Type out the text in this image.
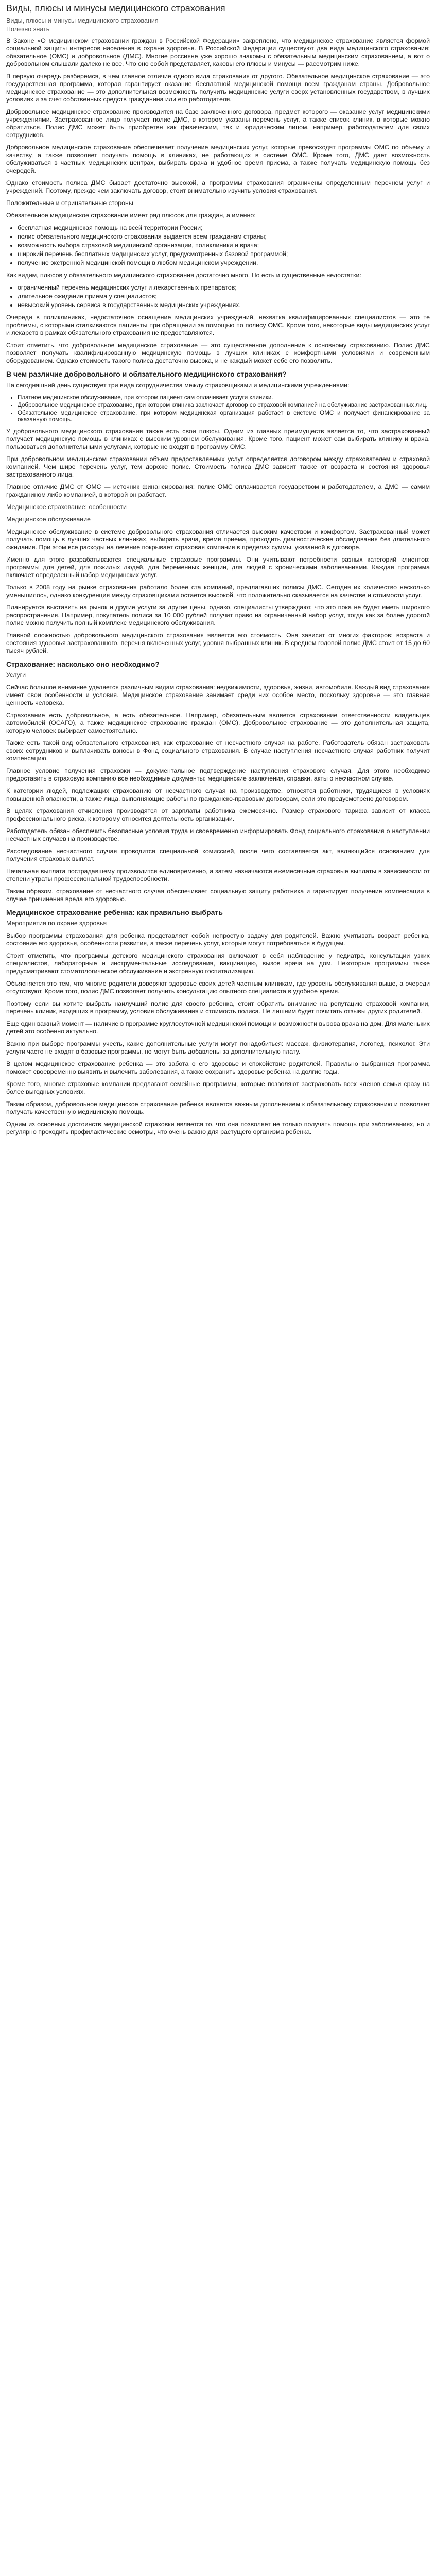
Виды, плюсы и минусы медицинского страхования
Виды, плюсы и минусы медицинского страхования
Полезно знать

В Законе «О медицинском страховании граждан в Российской Федерации» закреплено, что медицинское страхование является формой социальной защиты интересов населения в охране здоровья. В Российской Федерации существуют два вида медицинского страхования: обязательное (ОМС) и добровольное (ДМС). Многие россияне уже хорошо знакомы с обязательным медицинским страхованием, а вот о добровольном слышали далеко не все. Что оно собой представляет, каковы его плюсы и минусы — рассмотрим ниже.

В первую очередь разберемся, в чем главное отличие одного вида страхования от другого. Обязательное медицинское страхование — это государственная программа, которая гарантирует оказание бесплатной медицинской помощи всем гражданам страны. Добровольное медицинское страхование — это дополнительная возможность получить медицинские услуги сверх установленных государством, в лучших условиях и за счет собственных средств гражданина или его работодателя.

Добровольное медицинское страхование производится на базе заключенного договора, предмет которого — оказание услуг медицинскими учреждениями. Застрахованное лицо получает полис ДМС, в котором указаны перечень услуг, а также список клиник, в которые можно обратиться. Полис ДМС может быть приобретен как физическим, так и юридическим лицом, например, работодателем для своих сотрудников.

Добровольное медицинское страхование обеспечивает получение медицинских услуг, которые превосходят программы ОМС по объему и качеству, а также позволяет получать помощь в клиниках, не работающих в системе ОМС. Кроме того, ДМС дает возможность обслуживаться в частных медицинских центрах, выбирать врача и удобное время приема, а также получать медицинскую помощь без очередей.

Однако стоимость полиса ДМС бывает достаточно высокой, а программы страхования ограничены определенным перечнем услуг и учреждений. Поэтому, прежде чем заключать договор, стоит внимательно изучить условия страхования.

Положительные и отрицательные стороны

Обязательное медицинское страхование имеет ряд плюсов для граждан, а именно:

• бесплатная медицинская помощь на всей территории России;
• полис обязательного медицинского страхования выдается всем гражданам страны;
• возможность выбора страховой медицинской организации, поликлиники и врача;
• широкий перечень бесплатных медицинских услуг, предусмотренных базовой программой;
• получение экстренной медицинской помощи в любом медицинском учреждении.

Как видим, плюсов у обязательного медицинского страхования достаточно много. Но есть и существенные недостатки:

• ограниченный перечень медицинских услуг и лекарственных препаратов;
• длительное ожидание приема у специалистов;
• невысокий уровень сервиса в государственных медицинских учреждениях.

Очереди в поликлиниках, недостаточное оснащение медицинских учреждений, нехватка квалифицированных специалистов — это те проблемы, с которыми сталкиваются пациенты при обращении за помощью по полису ОМС. Кроме того, некоторые виды медицинских услуг и лекарств в рамках обязательного страхования не предоставляются.

Стоит отметить, что добровольное медицинское страхование — это существенное дополнение к основному страхованию. Полис ДМС позволяет получать квалифицированную медицинскую помощь в лучших клиниках с комфортными условиями и современным оборудованием. Однако стоимость такого полиса достаточно высока, и не каждый может себе его позволить.

В чем различие добровольного и обязательного медицинского страхования?

На сегодняшний день существует три вида сотрудничества между страховщиками и медицинскими учреждениями:

• Платное медицинское обслуживание, при котором пациент сам оплачивает услуги клиники.
• Добровольное медицинское страхование, при котором клиника заключает договор со страховой компанией на обслуживание застрахованных лиц.
• Обязательное медицинское страхование, при котором медицинская организация работает в системе ОМС и получает финансирование за оказанную помощь.

У добровольного медицинского страхования также есть свои плюсы. Одним из главных преимуществ является то, что застрахованный получает медицинскую помощь в клиниках с высоким уровнем обслуживания. Кроме того, пациент может сам выбирать клинику и врача, пользоваться дополнительными услугами, которые не входят в программу ОМС.

При добровольном медицинском страховании объем предоставляемых услуг определяется договором между страхователем и страховой компанией. Чем шире перечень услуг, тем дороже полис. Стоимость полиса ДМС зависит также от возраста и состояния здоровья застрахованного лица.

Главное отличие ДМС от ОМС — источник финансирования: полис ОМС оплачивается государством и работодателем, а ДМС — самим гражданином либо компанией, в которой он работает.

Медицинское страхование: особенности

Медицинское обслуживание

Медицинское обслуживание в системе добровольного страхования отличается высоким качеством и комфортом. Застрахованный может получать помощь в лучших частных клиниках, выбирать врача, время приема, проходить диагностические обследования без длительного ожидания. При этом все расходы на лечение покрывает страховая компания в пределах суммы, указанной в договоре.

Именно для этого разрабатываются специальные страховые программы. Они учитывают потребности разных категорий клиентов: программы для детей, для пожилых людей, для беременных женщин, для людей с хроническими заболеваниями. Каждая программа включает определенный набор медицинских услуг.

Только в 2008 году на рынке страхования работало более ста компаний, предлагавших полисы ДМС. Сегодня их количество несколько уменьшилось, однако конкуренция между страховщиками остается высокой, что положительно сказывается на качестве и стоимости услуг.

Планируется выставить на рынок и другие услуги за другие цены, однако, специалисты утверждают, что это пока не будет иметь широкого распространения. Например, покупатель полиса за 10 000 рублей получит право на ограниченный набор услуг, тогда как за более дорогой полис можно получить полный комплекс медицинского обслуживания.

Главной сложностью добровольного медицинского страхования является его стоимость. Она зависит от многих факторов: возраста и состояния здоровья застрахованного, перечня включенных услуг, уровня выбранных клиник. В среднем годовой полис ДМС стоит от 15 до 60 тысяч рублей.

Страхование: насколько оно необходимо?

Услуги

Сейчас большое внимание уделяется различным видам страхования: недвижимости, здоровья, жизни, автомобиля. Каждый вид страхования имеет свои особенности и условия. Медицинское страхование занимает среди них особое место, поскольку здоровье — это главная ценность человека.

Страхование есть добровольное, а есть обязательное. Например, обязательным является страхование ответственности владельцев автомобилей (ОСАГО), а также медицинское страхование граждан (ОМС). Добровольное страхование — это дополнительная защита, которую человек выбирает самостоятельно.

Также есть такой вид обязательного страхования, как страхование от несчастного случая на работе. Работодатель обязан застраховать своих сотрудников и выплачивать взносы в Фонд социального страхования. В случае наступления несчастного случая работник получит компенсацию.

Главное условие получения страховки — документальное подтверждение наступления страхового случая. Для этого необходимо предоставить в страховую компанию все необходимые документы: медицинские заключения, справки, акты о несчастном случае.

К категории людей, подлежащих страхованию от несчастного случая на производстве, относятся работники, трудящиеся в условиях повышенной опасности, а также лица, выполняющие работы по гражданско-правовым договорам, если это предусмотрено договором.

В целях страхования отчисления производятся от зарплаты работника ежемесячно. Размер страхового тарифа зависит от класса профессионального риска, к которому относится деятельность организации.

Работодатель обязан обеспечить безопасные условия труда и своевременно информировать Фонд социального страхования о наступлении несчастных случаев на производстве.

Расследование несчастного случая проводится специальной комиссией, после чего составляется акт, являющийся основанием для получения страховых выплат.

Начальная выплата пострадавшему производится единовременно, а затем назначаются ежемесячные страховые выплаты в зависимости от степени утраты профессиональной трудоспособности.

Таким образом, страхование от несчастного случая обеспечивает социальную защиту работника и гарантирует получение компенсации в случае причинения вреда его здоровью.

Медицинское страхование ребенка: как правильно выбрать

Мероприятия по охране здоровья

Выбор программы страхования для ребенка представляет собой непростую задачу для родителей. Важно учитывать возраст ребенка, состояние его здоровья, особенности развития, а также перечень услуг, которые могут потребоваться в будущем.

Стоит отметить, что программы детского медицинского страхования включают в себя наблюдение у педиатра, консультации узких специалистов, лабораторные и инструментальные исследования, вакцинацию, вызов врача на дом. Некоторые программы также предусматривают стоматологическое обслуживание и экстренную госпитализацию.

Объясняется это тем, что многие родители доверяют здоровье своих детей частным клиникам, где уровень обслуживания выше, а очереди отсутствуют. Кроме того, полис ДМС позволяет получить консультацию опытного специалиста в удобное время.

Поэтому если вы хотите выбрать наилучший полис для своего ребенка, стоит обратить внимание на репутацию страховой компании, перечень клиник, входящих в программу, условия обслуживания и стоимость полиса. Не лишним будет почитать отзывы других родителей.

Еще один важный момент — наличие в программе круглосуточной медицинской помощи и возможности вызова врача на дом. Для маленьких детей это особенно актуально.

Важно при выборе программы учесть, какие дополнительные услуги могут понадобиться: массаж, физиотерапия, логопед, психолог. Эти услуги часто не входят в базовые программы, но могут быть добавлены за дополнительную плату.

В целом медицинское страхование ребенка — это забота о его здоровье и спокойствие родителей. Правильно выбранная программа поможет своевременно выявить и вылечить заболевания, а также сохранить здоровье ребенка на долгие годы.

Кроме того, многие страховые компании предлагают семейные программы, которые позволяют застраховать всех членов семьи сразу на более выгодных условиях.

Таким образом, добровольное медицинское страхование ребенка является важным дополнением к обязательному страхованию и позволяет получать качественную медицинскую помощь.

Одним из основных достоинств медицинской страховки является то, что она позволяет не только получать помощь при заболеваниях, но и регулярно проходить профилактические осмотры, что очень важно для растущего организма ребенка.
